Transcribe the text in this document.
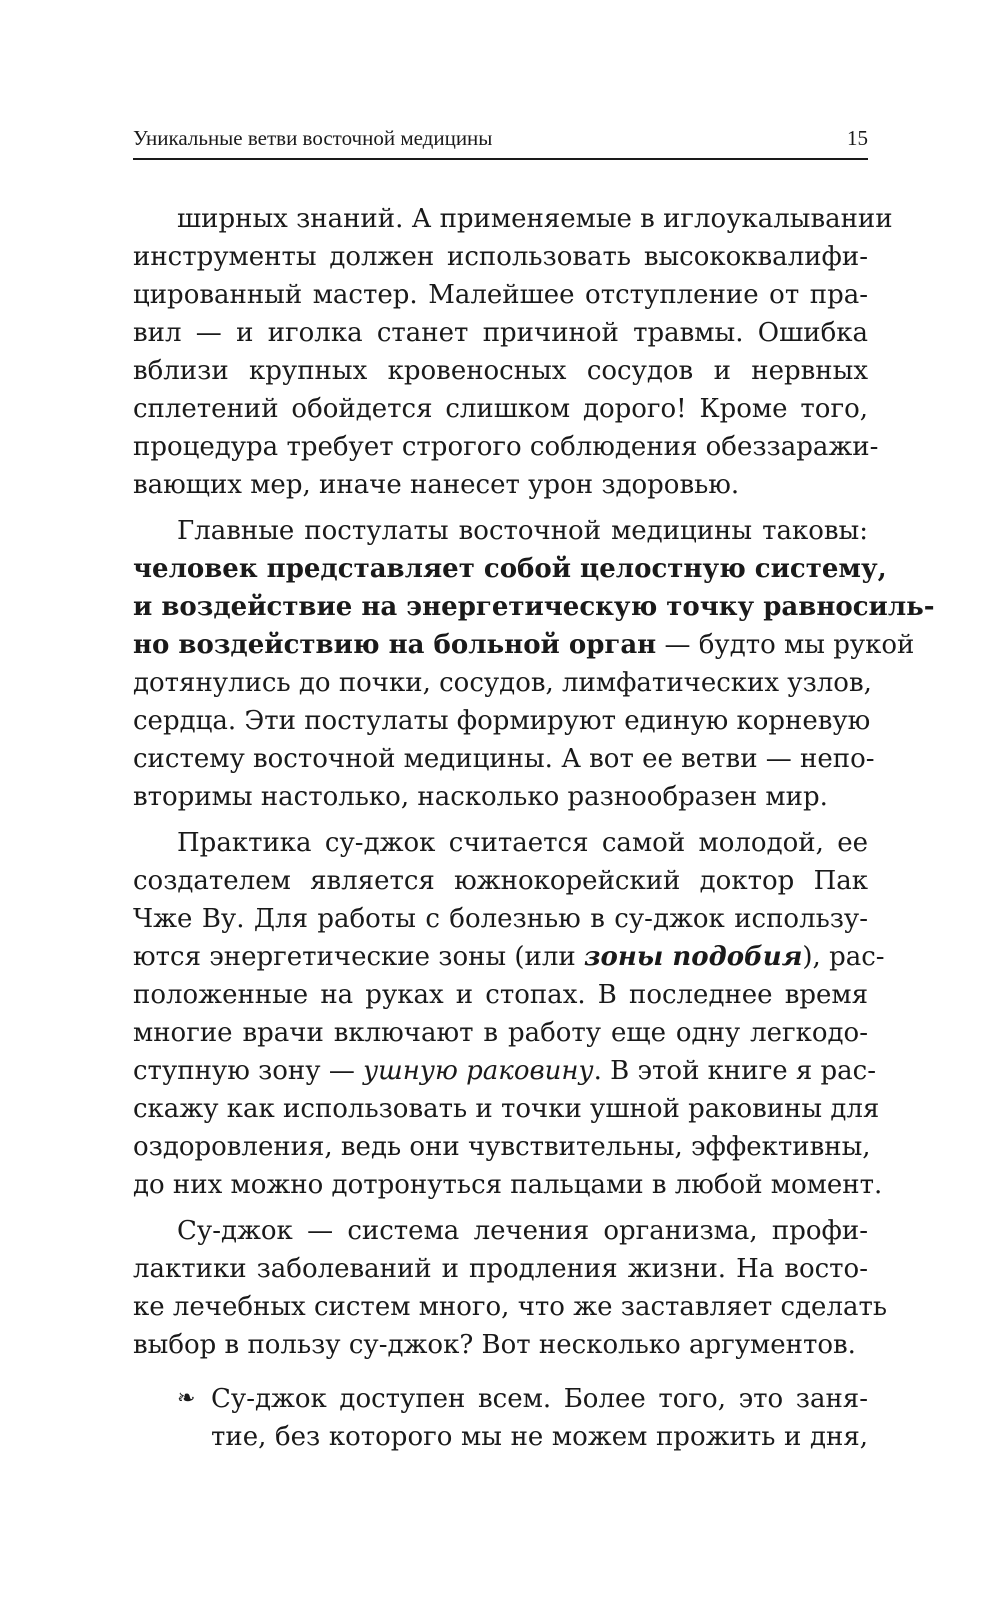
Уникальные ветви восточной медицины	15
ширных знаний. А применяемые в иглоукалывании
инструменты должен использовать высококвалифи-
цированный мастер. Малейшее отступление от пра-
вил — и иголка станет причиной травмы. Ошибка
вблизи крупных кровеносных сосудов и нервных
сплетений обойдется слишком дорого! Кроме того,
процедура требует строгого соблюдения обеззаражи-
вающих мер, иначе нанесет урон здоровью.
Главные постулаты восточной медицины таковы:
человек представляет собой целостную систему,
и воздействие на энергетическую точку равносиль-
но воздействию на больной орган — будто мы рукой
дотянулись до почки, сосудов, лимфатических узлов,
сердца. Эти постулаты формируют единую корневую
систему восточной медицины. А вот ее ветви — непо-
вторимы настолько, насколько разнообразен мир.
Практика су-джок считается самой молодой, ее
создателем является южнокорейский доктор Пак
Чже Ву. Для работы с болезнью в су-джок использу-
ются энергетические зоны (или зоны подобия), рас-
положенные на руках и стопах. В последнее время
многие врачи включают в работу еще одну легкодо-
ступную зону — ушную раковину. В этой книге я рас-
скажу как использовать и точки ушной раковины для
оздоровления, ведь они чувствительны, эффективны,
до них можно дотронуться пальцами в любой момент.
Су-джок — система лечения организма, профи-
лактики заболеваний и продления жизни. На восто-
ке лечебных систем много, что же заставляет сделать
выбор в пользу су-джок? Вот несколько аргументов.
❧ Су-джок доступен всем. Более того, это заня-
тие, без которого мы не можем прожить и дня,
